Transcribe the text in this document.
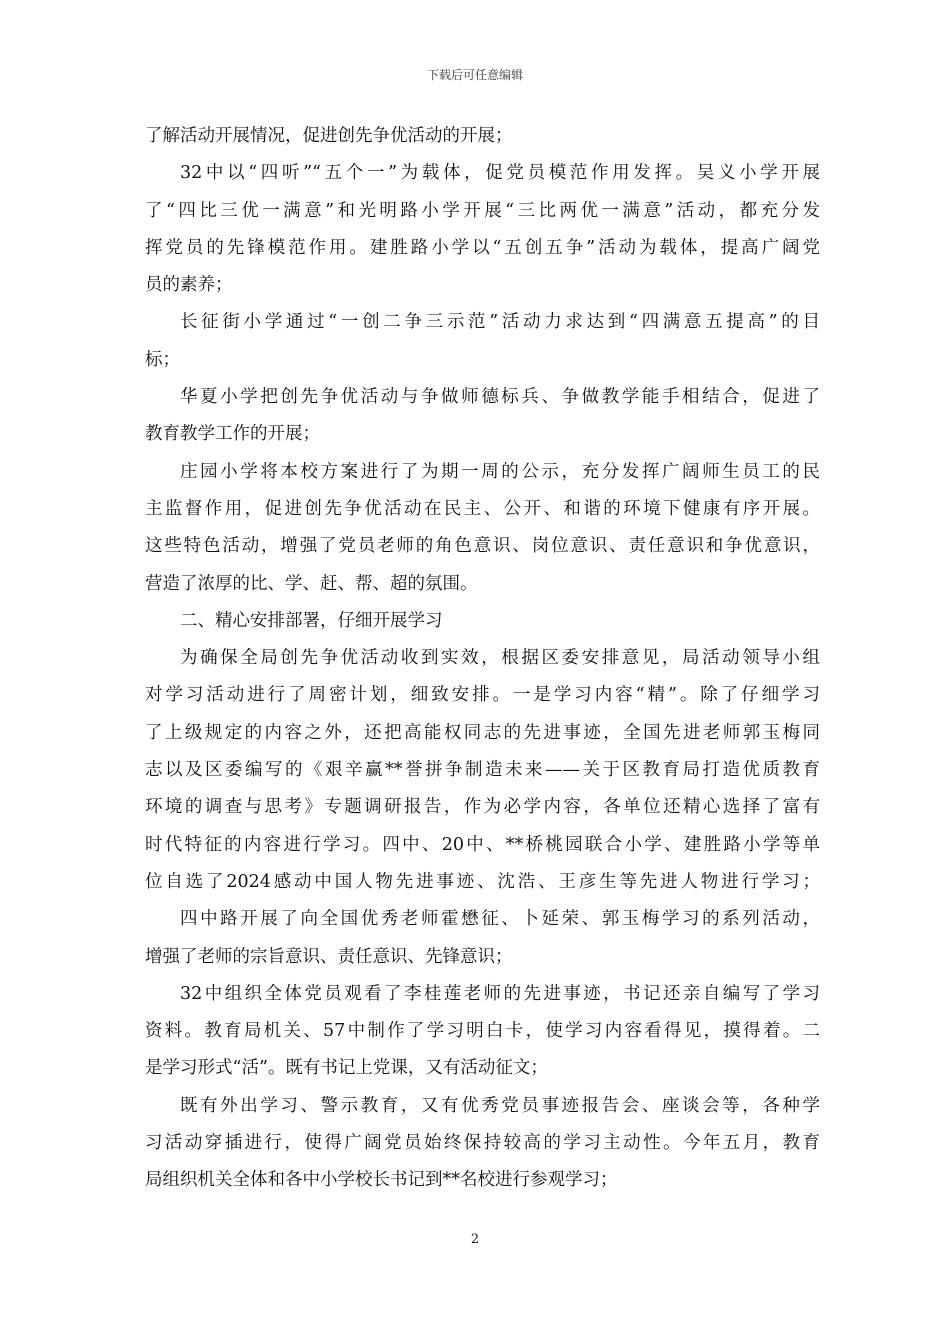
下载后可任意编辑
了解活动开展情况，促进创先争优活动的开展；
32中以“四听”“五个一”为载体，促党员模范作用发挥。吴义小学开展
了“四比三优一满意”和光明路小学开展“三比两优一满意”活动，都充分发
挥党员的先锋模范作用。建胜路小学以“五创五争”活动为载体，提高广阔党
员的素养；
长征街小学通过“一创二争三示范”活动力求达到“四满意五提高”的目
标；
华夏小学把创先争优活动与争做师德标兵、争做教学能手相结合，促进了
教育教学工作的开展；
庄园小学将本校方案进行了为期一周的公示，充分发挥广阔师生员工的民
主监督作用，促进创先争优活动在民主、公开、和谐的环境下健康有序开展。
这些特色活动，增强了党员老师的角色意识、岗位意识、责任意识和争优意识，
营造了浓厚的比、学、赶、帮、超的氛围。
二、精心安排部署，仔细开展学习
为确保全局创先争优活动收到实效，根据区委安排意见，局活动领导小组
对学习活动进行了周密计划，细致安排。一是学习内容“精”。除了仔细学习
了上级规定的内容之外，还把高能权同志的先进事迹，全国先进老师郭玉梅同
志以及区委编写的《艰辛赢**誉拼争制造未来——关于区教育局打造优质教育
环境的调查与思考》专题调研报告，作为必学内容，各单位还精心选择了富有
时代特征的内容进行学习。四中、20中、**桥桃园联合小学、建胜路小学等单
位自选了2024感动中国人物先进事迹、沈浩、王彦生等先进人物进行学习；
四中路开展了向全国优秀老师霍懋征、卜延荣、郭玉梅学习的系列活动，
增强了老师的宗旨意识、责任意识、先锋意识；
32中组织全体党员观看了李桂莲老师的先进事迹，书记还亲自编写了学习
资料。教育局机关、57中制作了学习明白卡，使学习内容看得见，摸得着。二
是学习形式“活”。既有书记上党课，又有活动征文；
既有外出学习、警示教育，又有优秀党员事迹报告会、座谈会等，各种学
习活动穿插进行，使得广阔党员始终保持较高的学习主动性。今年五月，教育
局组织机关全体和各中小学校长书记到**名校进行参观学习；
2
